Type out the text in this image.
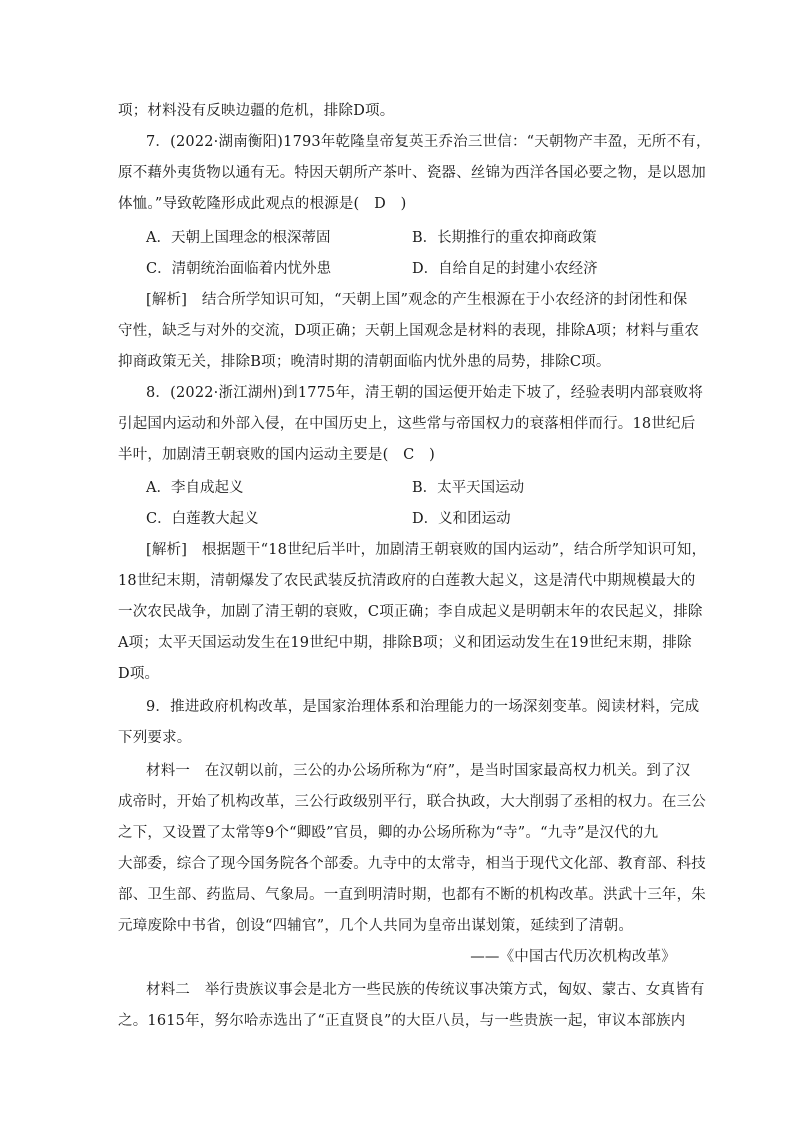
项；材料没有反映边疆的危机，排除D项。
7．(2022·湖南衡阳)1793年乾隆皇帝复英王乔治三世信：“天朝物产丰盈，无所不有，
原不藉外夷货物以通有无。特因天朝所产茶叶、瓷器、丝锦为西洋各国必要之物，是以恩加
体恤。”导致乾隆形成此观点的根源是(　D　)
A．天朝上国理念的根深蒂固	B．长期推行的重农抑商政策
C．清朝统治面临着内忧外患	D．自给自足的封建小农经济
[解析]　结合所学知识可知，“天朝上国”观念的产生根源在于小农经济的封闭性和保
守性，缺乏与对外的交流，D项正确；天朝上国观念是材料的表现，排除A项；材料与重农
抑商政策无关，排除B项；晚清时期的清朝面临内忧外患的局势，排除C项。
8．(2022·浙江湖州)到1775年，清王朝的国运便开始走下坡了，经验表明内部衰败将
引起国内运动和外部入侵，在中国历史上，这些常与帝国权力的衰落相伴而行。18世纪后
半叶，加剧清王朝衰败的国内运动主要是(　C　)
A．李自成起义	B．太平天国运动
C．白莲教大起义	D．义和团运动
[解析]　根据题干“18世纪后半叶，加剧清王朝衰败的国内运动”，结合所学知识可知，
18世纪末期，清朝爆发了农民武装反抗清政府的白莲教大起义，这是清代中期规模最大的
一次农民战争，加剧了清王朝的衰败，C项正确；李自成起义是明朝末年的农民起义，排除
A项；太平天国运动发生在19世纪中期，排除B项；义和团运动发生在19世纪末期，排除
D项。
9．推进政府机构改革，是国家治理体系和治理能力的一场深刻变革。阅读材料，完成
下列要求。
材料一　在汉朝以前，三公的办公场所称为“府”，是当时国家最高权力机关。到了汉
成帝时，开始了机构改革，三公行政级别平行，联合执政，大大削弱了丞相的权力。在三公
之下，又设置了太常等9个“卿殴”官员，卿的办公场所称为“寺”。“九寺”是汉代的九
大部委，综合了现今国务院各个部委。九寺中的太常寺，相当于现代文化部、教育部、科技
部、卫生部、药监局、气象局。一直到明清时期，也都有不断的机构改革。洪武十三年，朱
元璋废除中书省，创设“四辅官”，几个人共同为皇帝出谋划策，延续到了清朝。
——《中国古代历次机构改革》
材料二　举行贵族议事会是北方一些民族的传统议事决策方式，匈奴、蒙古、女真皆有
之。1615年，努尔哈赤选出了“正直贤良”的大臣八员，与一些贵族一起，审议本部族内
